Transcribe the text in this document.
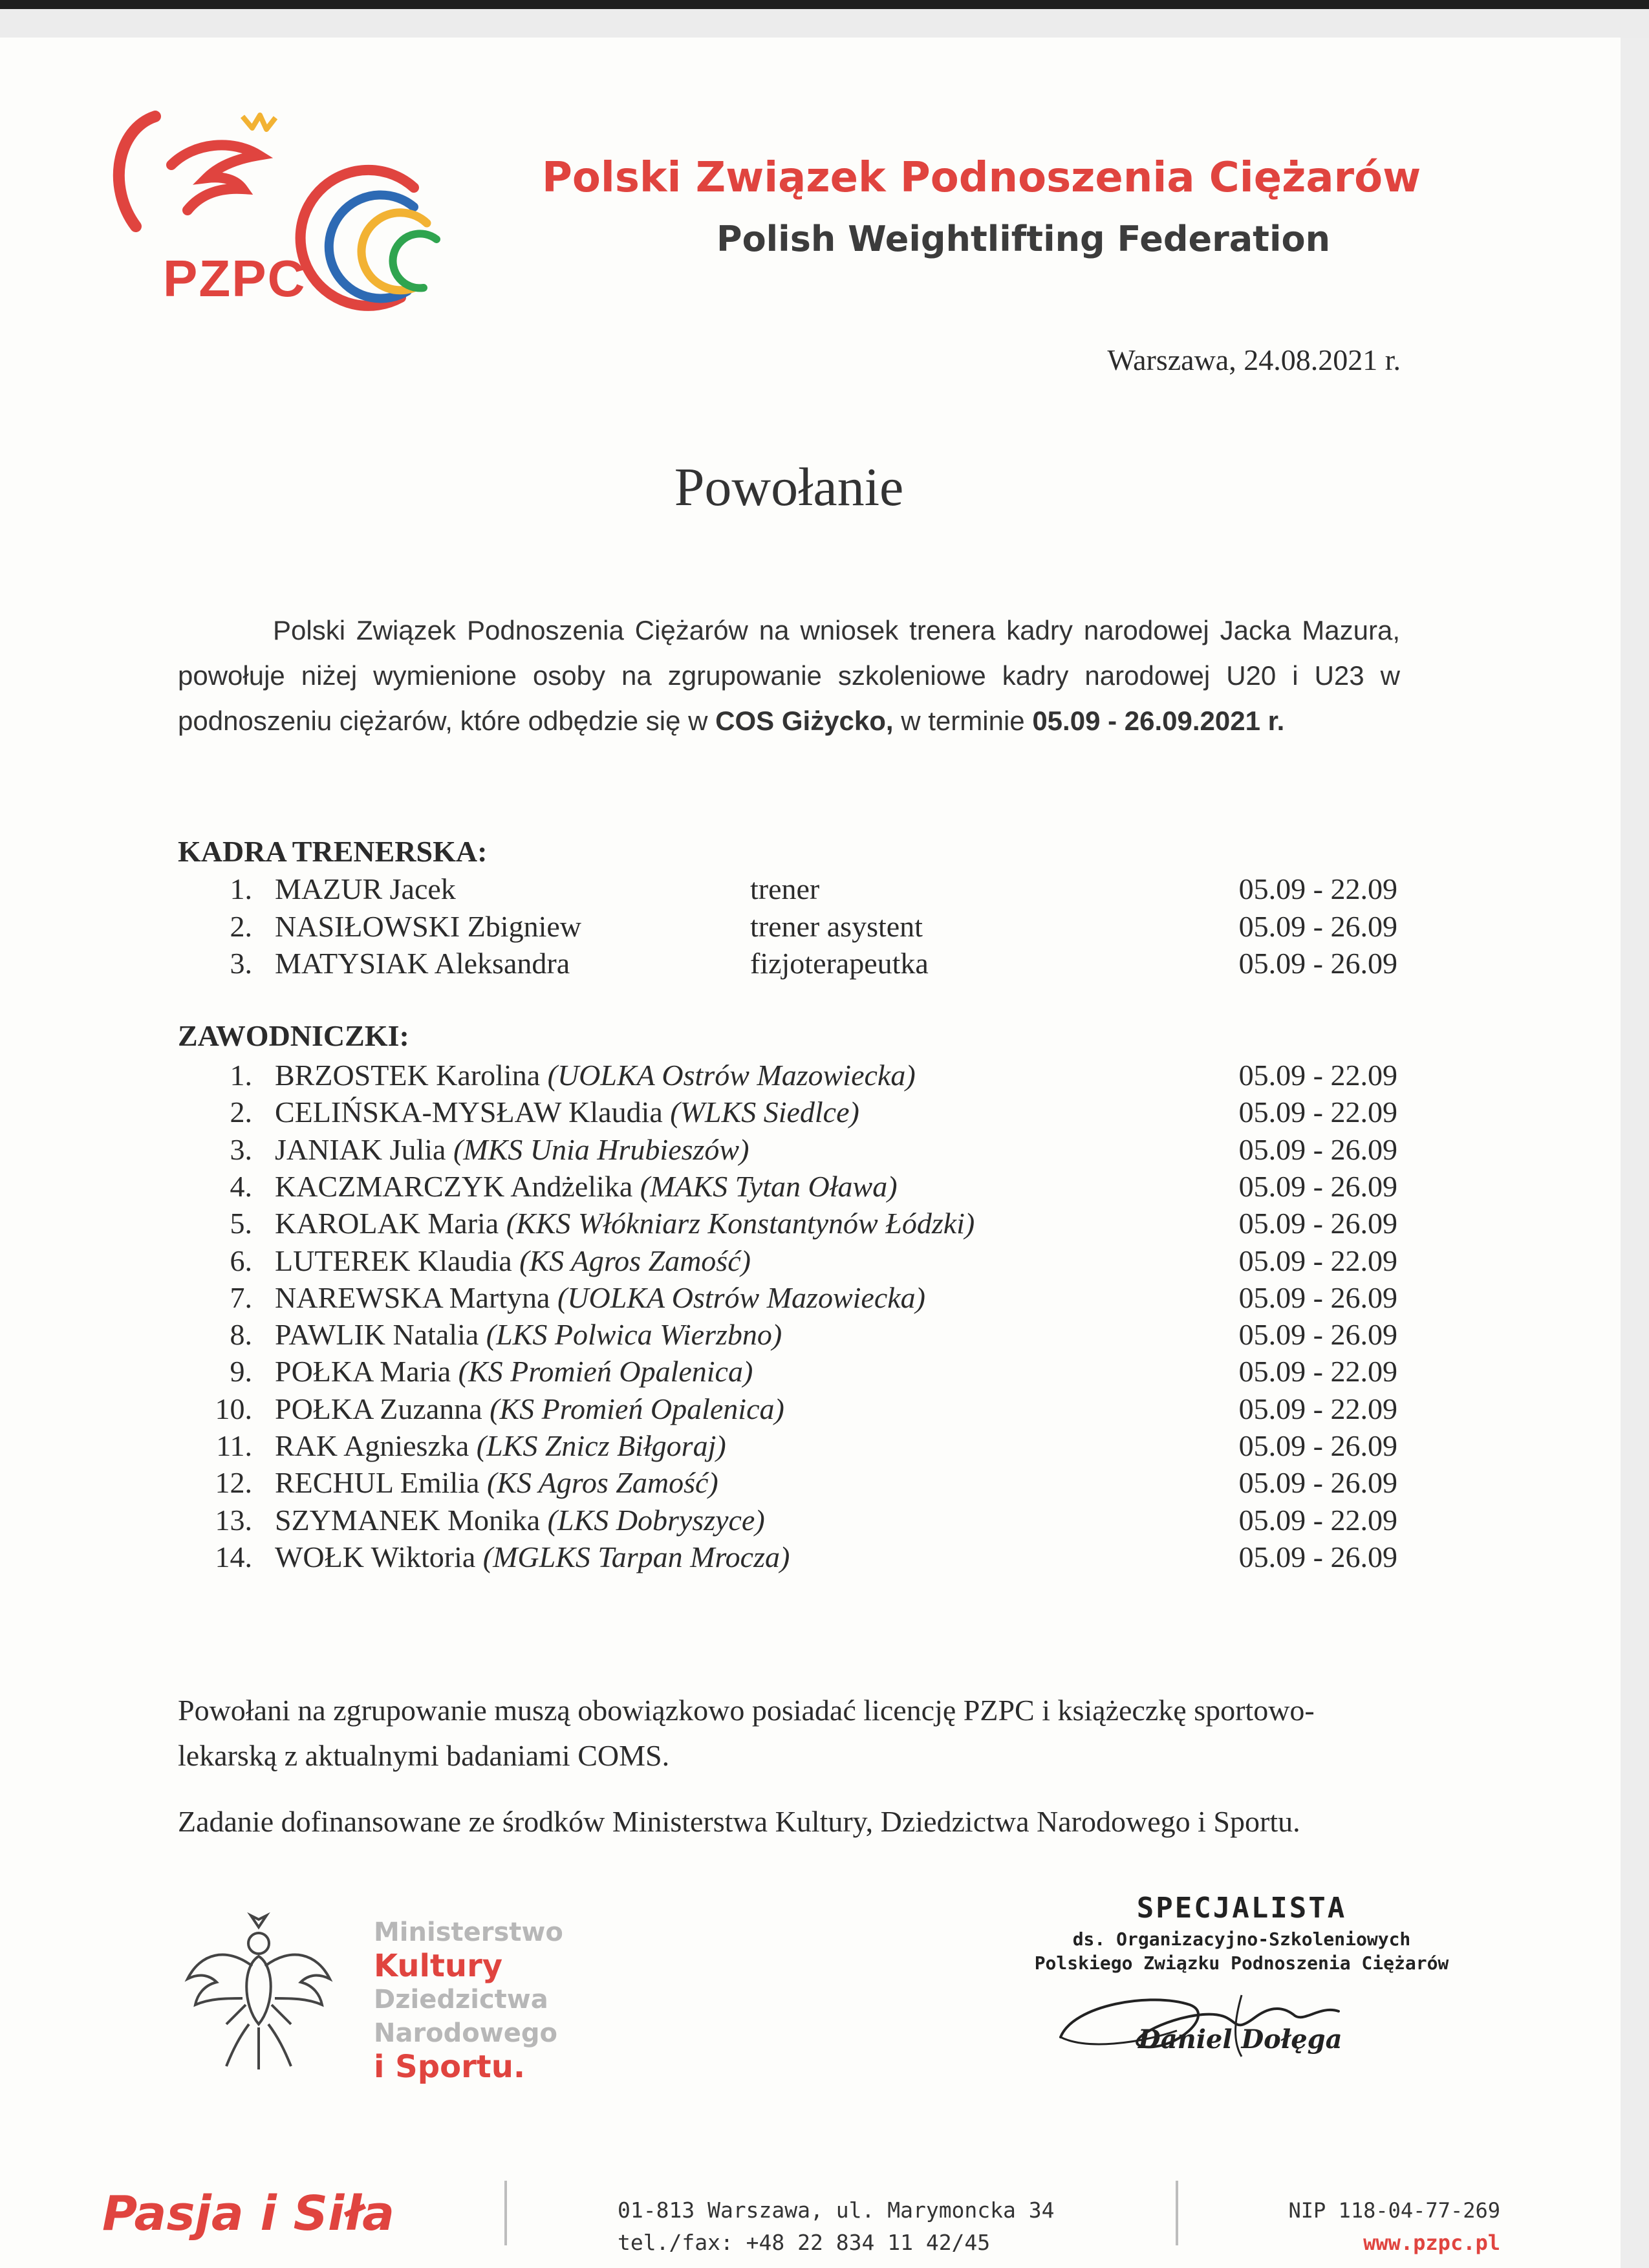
PZPC
Polski Związek Podnoszenia Ciężarów
Polish Weightlifting Federation
Warszawa, 24.08.2021 r.
Powołanie
Polski Związek Podnoszenia Ciężarów na wniosek trenera kadry narodowej Jacka Mazura, powołuje niżej wymienione osoby na zgrupowanie szkoleniowe kadry narodowej U20 i U23 w podnoszeniu ciężarów, które odbędzie się w COS Giżycko, w terminie 05.09 - 26.09.2021 r.
KADRA TRENERSKA:
1. MAZUR Jacek	trener	05.09 - 22.09
2. NASIŁOWSKI Zbigniew	trener asystent	05.09 - 26.09
3. MATYSIAK Aleksandra	fizjoterapeutka	05.09 - 26.09
ZAWODNICZKI:
1. BRZOSTEK Karolina (UOLKA Ostrów Mazowiecka)	05.09 - 22.09
2. CELIŃSKA-MYSŁAW Klaudia (WLKS Siedlce)	05.09 - 22.09
3. JANIAK Julia (MKS Unia Hrubieszów)	05.09 - 26.09
4. KACZMARCZYK Andżelika (MAKS Tytan Oława)	05.09 - 26.09
5. KAROLAK Maria (KKS Włókniarz Konstantynów Łódzki)	05.09 - 26.09
6. LUTEREK Klaudia (KS Agros Zamość)	05.09 - 22.09
7. NAREWSKA Martyna (UOLKA Ostrów Mazowiecka)	05.09 - 26.09
8. PAWLIK Natalia (LKS Polwica Wierzbno)	05.09 - 26.09
9. POŁKA Maria (KS Promień Opalenica)	05.09 - 22.09
10. POŁKA Zuzanna (KS Promień Opalenica)	05.09 - 22.09
11. RAK Agnieszka (LKS Znicz Biłgoraj)	05.09 - 26.09
12. RECHUL Emilia (KS Agros Zamość)	05.09 - 26.09
13. SZYMANEK Monika (LKS Dobryszyce)	05.09 - 22.09
14. WOŁK Wiktoria (MGLKS Tarpan Mrocza)	05.09 - 26.09
Powołani na zgrupowanie muszą obowiązkowo posiadać licencję PZPC i książeczkę sportowo-lekarską z aktualnymi badaniami COMS.
Zadanie dofinansowane ze środków Ministerstwa Kultury, Dziedzictwa Narodowego i Sportu.
Ministerstwo
Kultury
Dziedzictwa
Narodowego
i Sportu.
SPECJALISTA
ds. Organizacyjno-Szkoleniowych
Polskiego Związku Podnoszenia Ciężarów
Daniel Dołęga
Pasja i Siła	01-813 Warszawa, ul. Marymoncka 34
tel./fax: +48 22 834 11 42/45
NIP 118-04-77-269
www.pzpc.pl
